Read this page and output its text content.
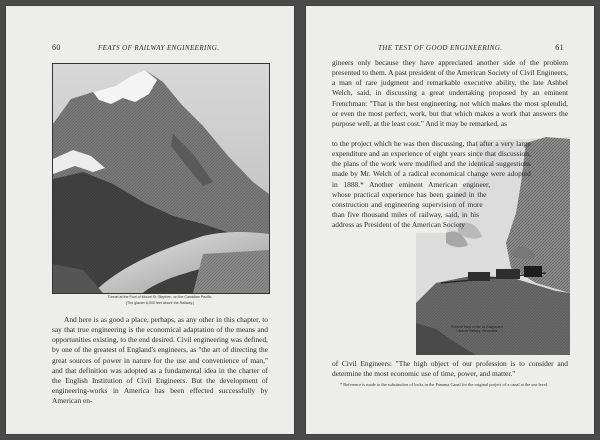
60	FEATS OF RAILWAY ENGINEERING.
Tunnel at the Foot of Mount St. Stephen, on the Canadian Pacific.
(The glacier 8,000 feet above the Railway.)

And here is as good a place, perhaps, as any other in this chapter, to say that true engineering is the economical adaptation of the means and opportunities existing, to the end desired. Civil engineering was defined, by one of the greatest of England's engineers, as "the art of directing the great sources of power in nature for the use and convenience of man," and that definition was adopted as a fundamental idea in the charter of the English Institution of Civil Engineers. But the development of engineering-works in America has been effected successfully by American en-

THE TEST OF GOOD ENGINEERING.	61

gineers only because they have appreciated another side of the problem presented to them. A past president of the American Society of Civil Engineers, a man of rare judgment and remarkable executive ability, the late Ashbel Welch, said, in discussing a great undertaking proposed by an eminent Frenchman: "That is the best engineering, not which makes the most splendid, or even the most perfect, work, but that which makes a work that answers the purpose well, at the least cost." And it may be remarked, as

to the project which he was then discussing, that after a very large expenditure and an experience of eight years since that discussion, the plans of the work were modified and the identical suggestions made by Mr. Welch of a radical economical change were adopted in 1888.* Another eminent American engineer, whose practical experience has been gained in the construction and engineering supervision of more than five thousand miles of railway, said, in his address as President of the American Society
Peña de Mora on the La Guayra and Caracas Railway, Venezuela.

of Civil Engineers: "The high object of our profession is to consider and determine the most economic use of time, power, and matter."

* Reference is made to the substitution of locks in the Panama Canal for the original project of a canal at the sea-level.
